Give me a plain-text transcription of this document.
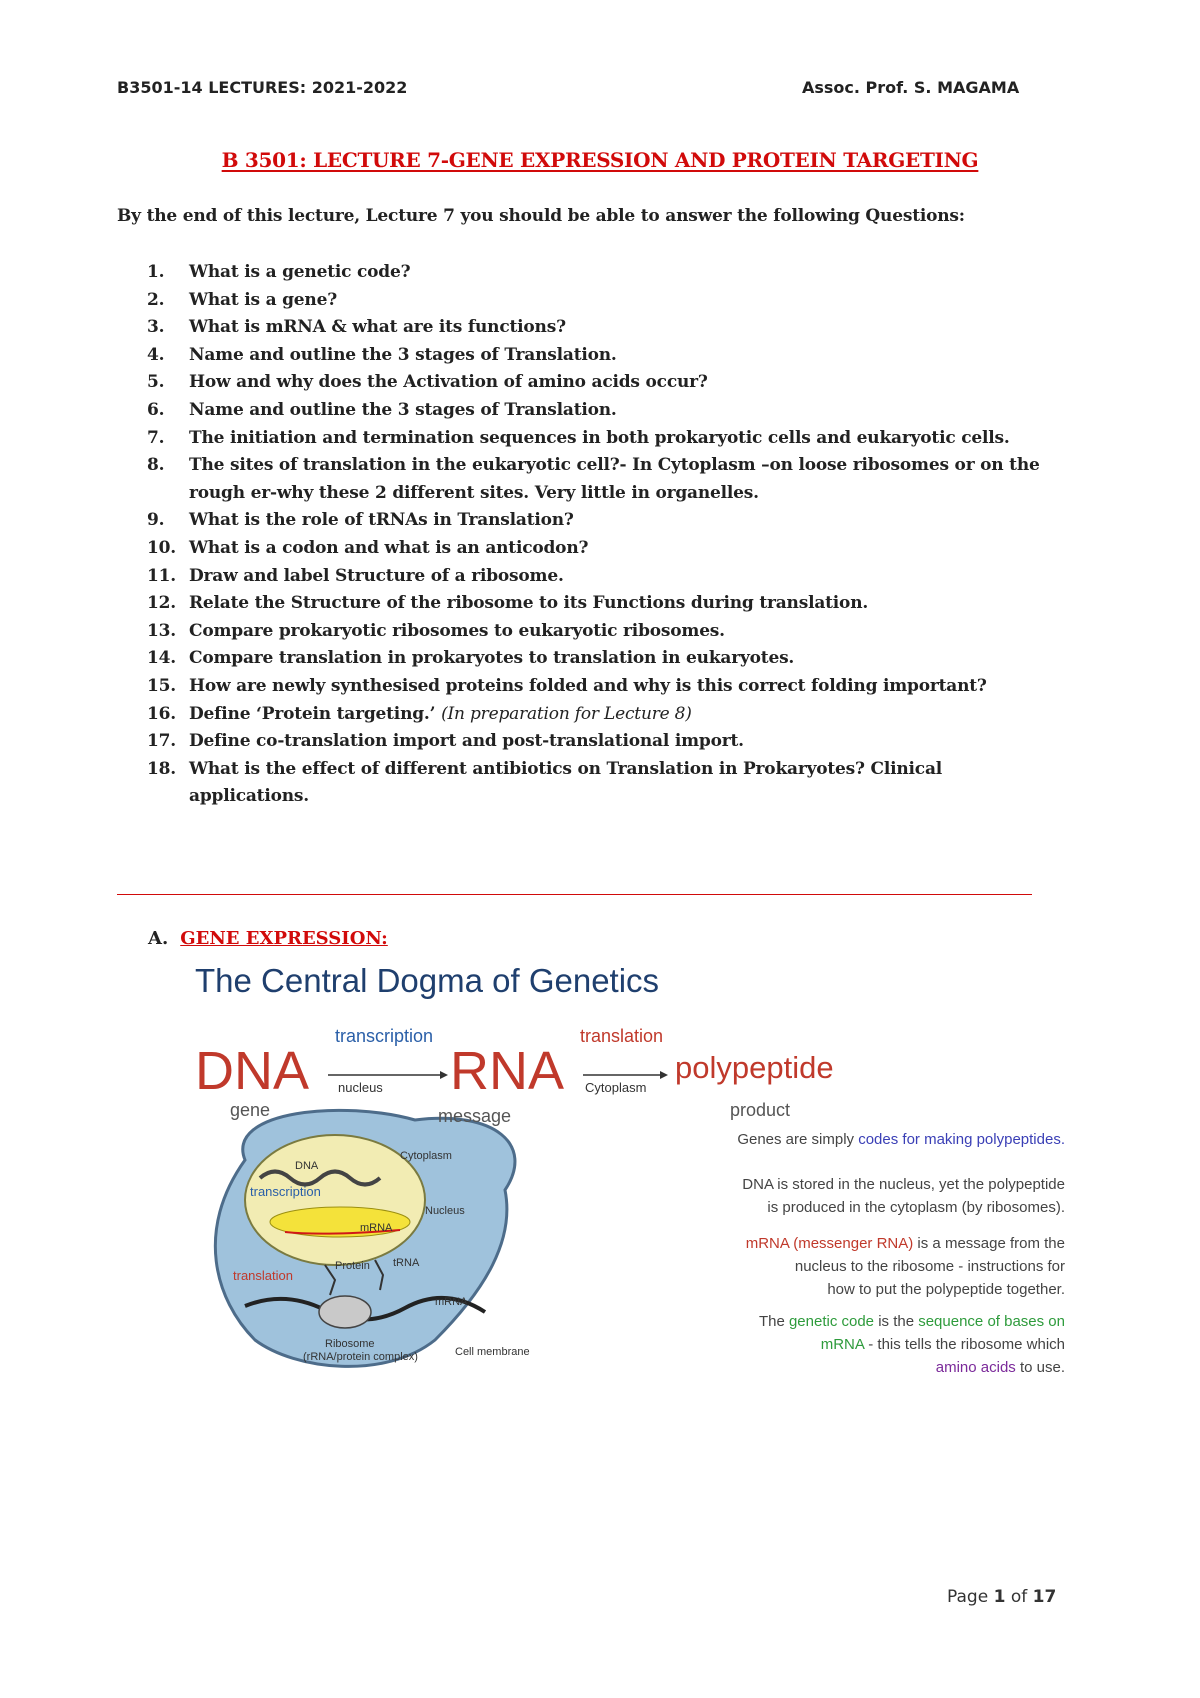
B3501-14 LECTURES: 2021-2022	Assoc. Prof. S. MAGAMA
B 3501: LECTURE 7-GENE EXPRESSION AND PROTEIN TARGETING
By the end of this lecture, Lecture 7 you should be able to answer the following Questions:
1.	What is a genetic code?
2.	What is a gene?
3.	What is mRNA & what are its functions?
4.	Name and outline the 3 stages of Translation.
5.	How and why does the Activation of amino acids occur?
6.	Name and outline the 3 stages of Translation.
7.	The initiation and termination sequences in both prokaryotic cells and eukaryotic cells.
8.	The sites of translation in the eukaryotic cell?- In Cytoplasm –on loose ribosomes or on the rough er-why these 2 different sites. Very little in organelles.
9.	What is the role of tRNAs in Translation?
10. What is a codon and what is an anticodon?
11. Draw and label Structure of a ribosome.
12. Relate the Structure of the ribosome to its Functions during translation.
13. Compare prokaryotic ribosomes to eukaryotic ribosomes.
14. Compare translation in prokaryotes to translation in eukaryotes.
15. How are newly synthesised proteins folded and why is this correct folding important?
16. Define ‘Protein targeting.’ (In preparation for Lecture 8)
17. Define co-translation import and post-translational import.
18. What is the effect of different antibiotics on Translation in Prokaryotes? Clinical applications.
A. GENE EXPRESSION:
The Central Dogma of Genetics
transcription	translation
DNA	RNA	polypeptide
nucleus	Cytoplasm
gene	message	product
Cytoplasm
DNA
transcription
Nucleus
mRNA
translation
Protein tRNA
mRNA
Ribosome
(rRNA/protein complex)	Cell membrane
Genes are simply codes for making polypeptides.
DNA is stored in the nucleus, yet the polypeptide
is produced in the cytoplasm (by ribosomes).
mRNA (messenger RNA) is a message from the
nucleus to the ribosome - instructions for
how to put the polypeptide together.
The genetic code is the sequence of bases on
mRNA - this tells the ribosome which
amino acids to use.
Page 1 of 17
